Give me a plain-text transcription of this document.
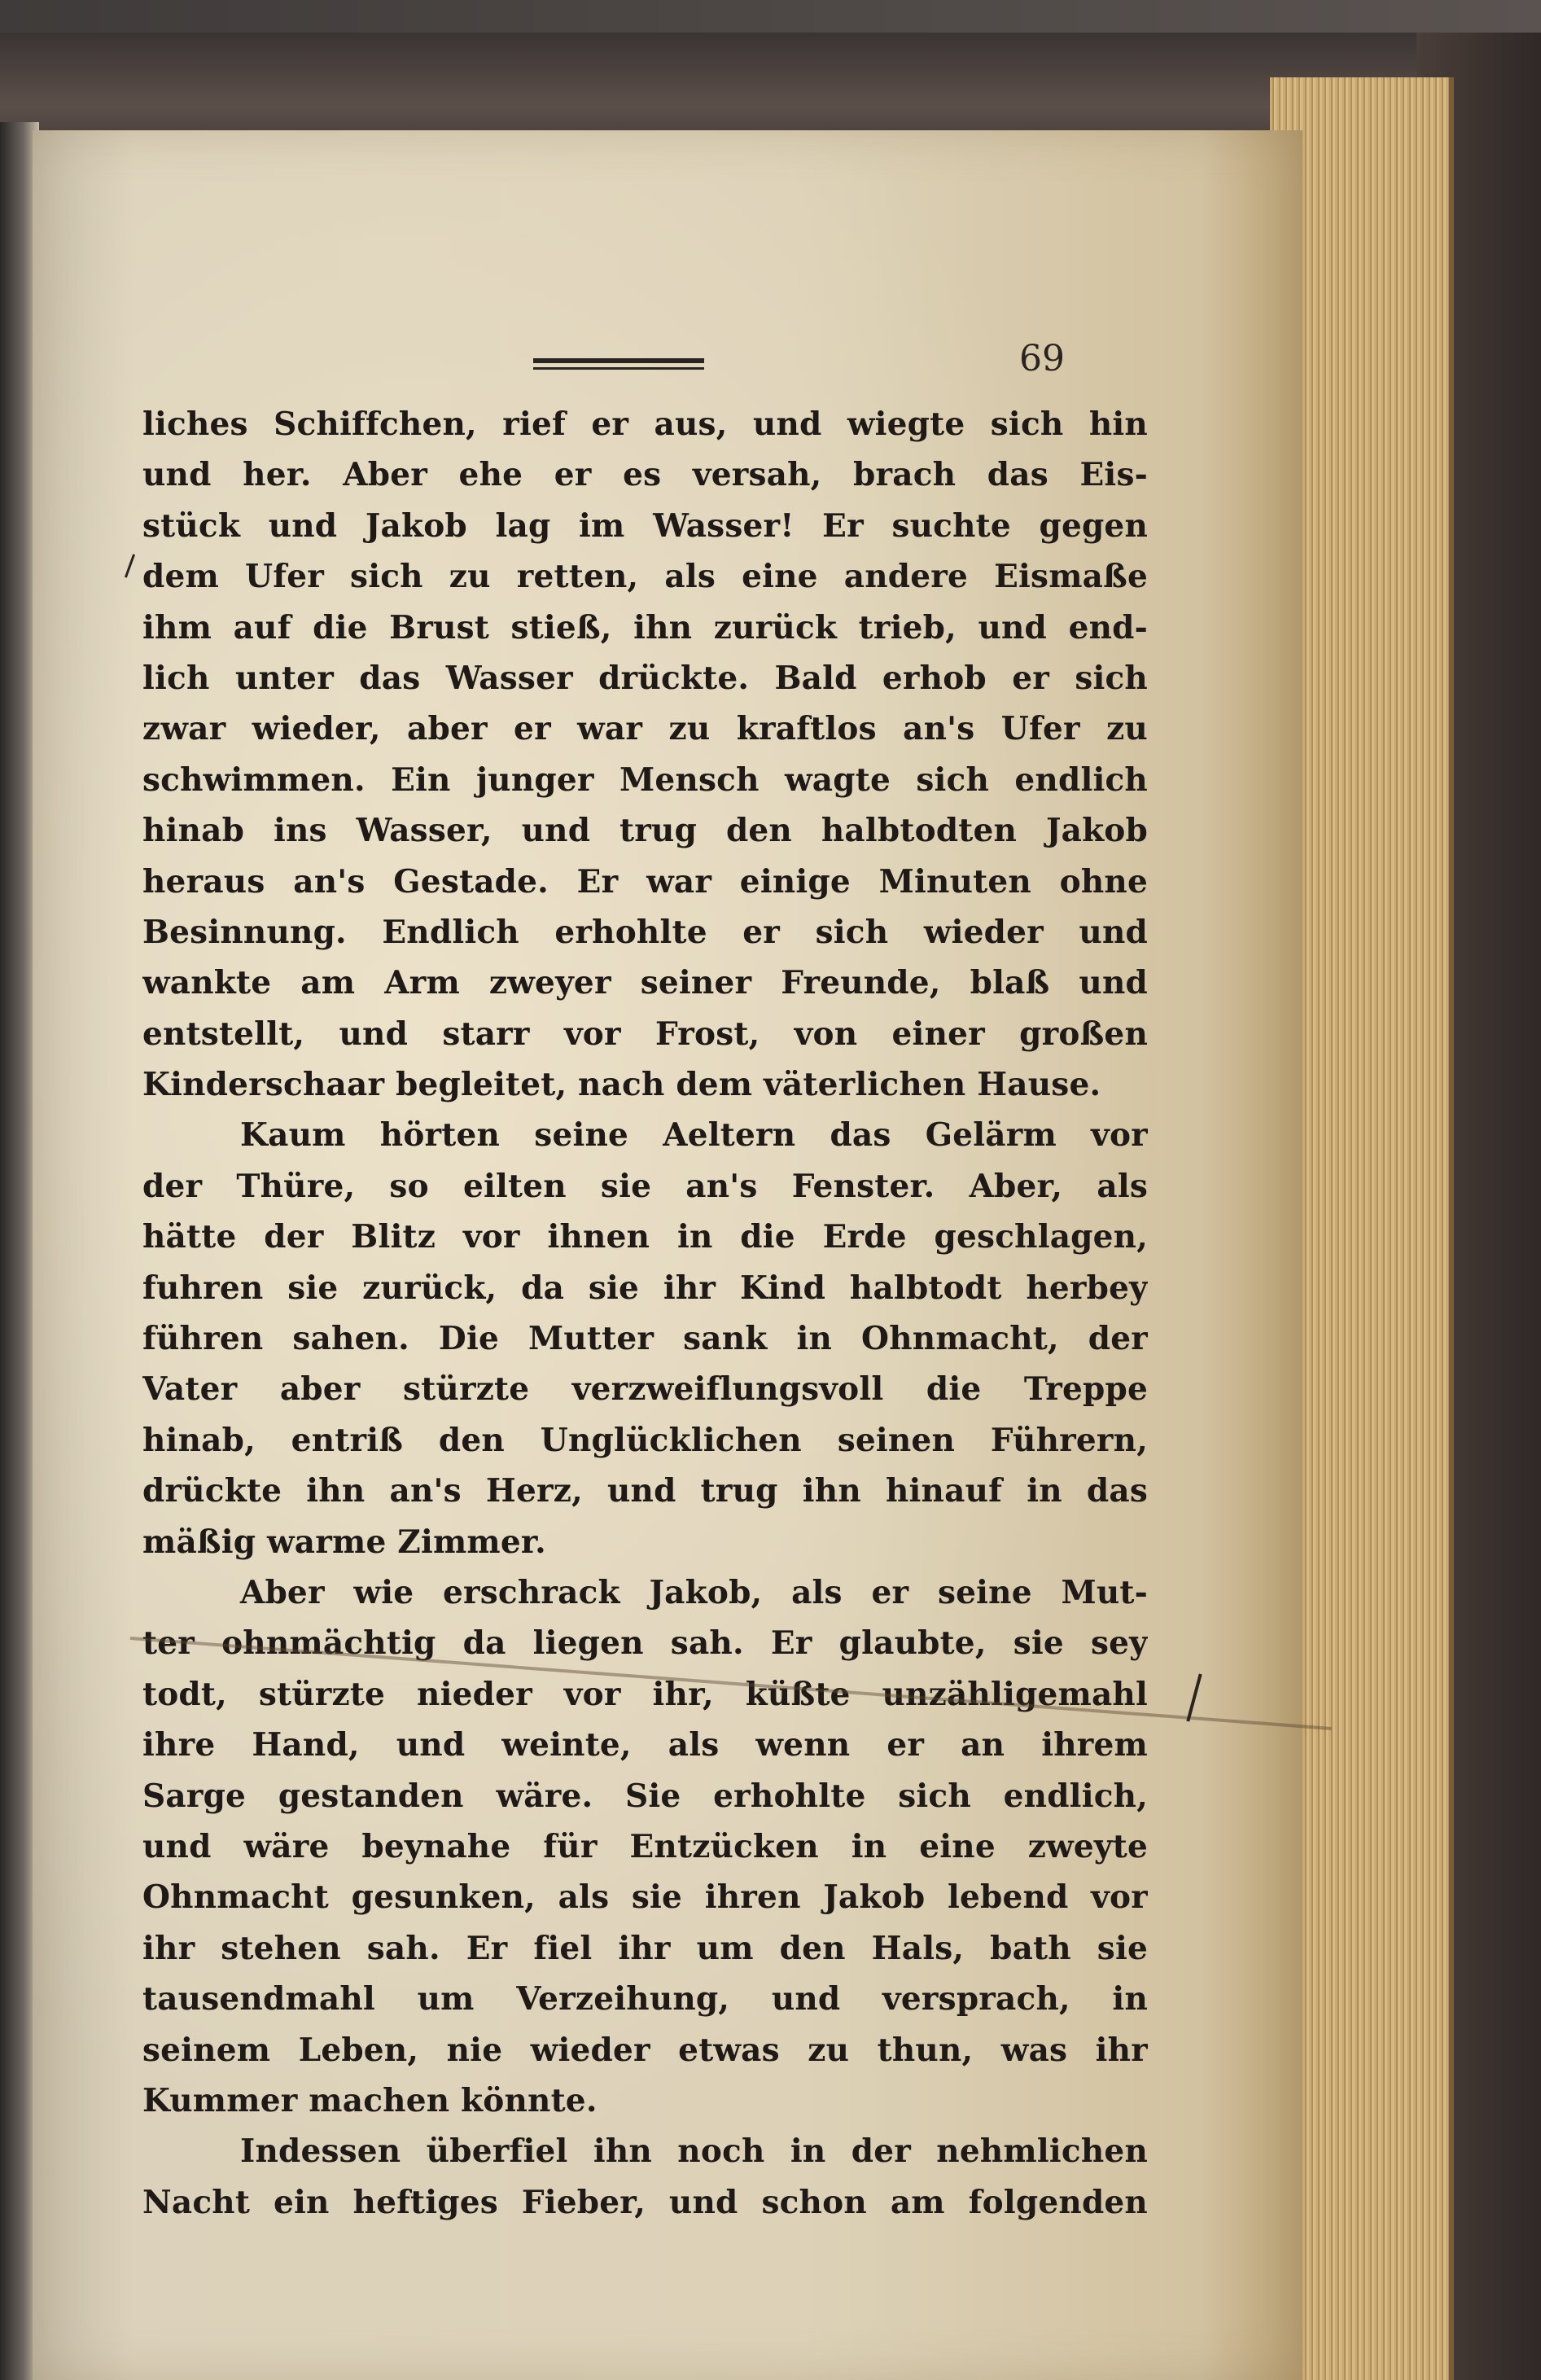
69

liches Schiffchen, rief er aus, und wiegte sich hin
und her. Aber ehe er es versah, brach das Eis-
stück und Jakob lag im Wasser! Er suchte gegen
dem Ufer sich zu retten, als eine andere Eismaße
ihm auf die Brust stieß, ihn zurück trieb, und end-
lich unter das Wasser drückte. Bald erhob er sich
zwar wieder, aber er war zu kraftlos an's Ufer zu
schwimmen. Ein junger Mensch wagte sich endlich
hinab ins Wasser, und trug den halbtodten Jakob
heraus an's Gestade. Er war einige Minuten ohne
Besinnung. Endlich erhohlte er sich wieder und
wankte am Arm zweyer seiner Freunde, blaß und
entstellt, und starr vor Frost, von einer großen
Kinderschaar begleitet, nach dem väterlichen Hause.
Kaum hörten seine Aeltern das Gelärm vor
der Thüre, so eilten sie an's Fenster. Aber, als
hätte der Blitz vor ihnen in die Erde geschlagen,
fuhren sie zurück, da sie ihr Kind halbtodt herbey
führen sahen. Die Mutter sank in Ohnmacht, der
Vater aber stürzte verzweiflungsvoll die Treppe
hinab, entriß den Unglücklichen seinen Führern,
drückte ihn an's Herz, und trug ihn hinauf in das
mäßig warme Zimmer.
Aber wie erschrack Jakob, als er seine Mut-
ter ohnmächtig da liegen sah. Er glaubte, sie sey
todt, stürzte nieder vor ihr, küßte unzähligemahl
ihre Hand, und weinte, als wenn er an ihrem
Sarge gestanden wäre. Sie erhohlte sich endlich,
und wäre beynahe für Entzücken in eine zweyte
Ohnmacht gesunken, als sie ihren Jakob lebend vor
ihr stehen sah. Er fiel ihr um den Hals, bath sie
tausendmahl um Verzeihung, und versprach, in
seinem Leben, nie wieder etwas zu thun, was ihr
Kummer machen könnte.
Indessen überfiel ihn noch in der nehmlichen
Nacht ein heftiges Fieber, und schon am folgenden
